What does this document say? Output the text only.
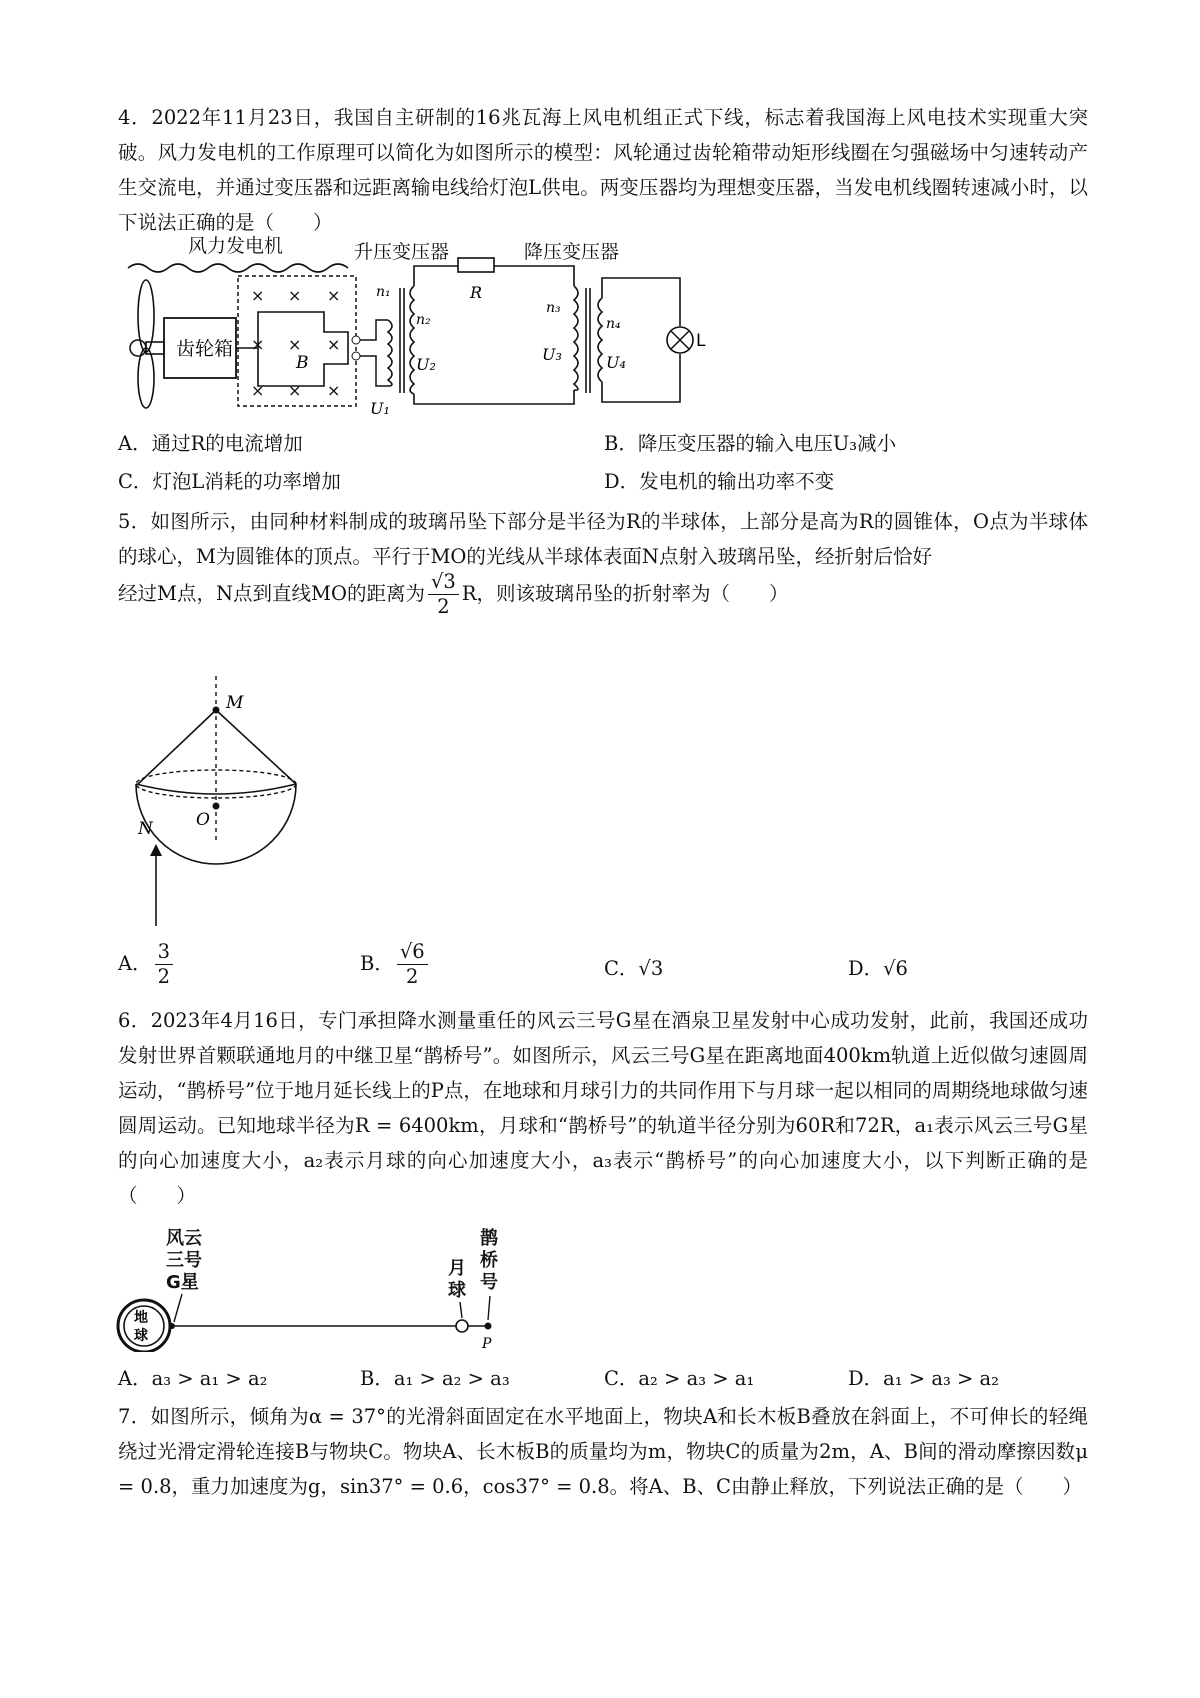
4．2022年11月23日，我国自主研制的16兆瓦海上风电机组正式下线，标志着我国海上风电技术实现重大突破。风力发电机的工作原理可以简化为如图所示的模型：风轮通过齿轮箱带动矩形线圈在匀强磁场中匀速转动产生交流电，并通过变压器和远距离输电线给灯泡L供电。两变压器均为理想变压器，当发电机线圈转速减小时，以下说法正确的是（　　）
风力发电机	升压变压器	降压变压器
齿轮箱
× × ×
× × ×
× × ×
B
n₁
n₂
U₂
U₁
R
n₃
U₃
n₄
U₄
L
A．通过R的电流增加	B．降压变压器的输入电压U₃减小
C．灯泡L消耗的功率增加	D．发电机的输出功率不变
5．如图所示，由同种材料制成的玻璃吊坠下部分是半径为R的半球体，上部分是高为R的圆锥体，O点为半球体的球心，M为圆锥体的顶点。平行于MO的光线从半球体表面N点射入玻璃吊坠，经折射后恰好
经过M点，N点到直线MO的距离为 $\frac{√3}{2}$ R，则该玻璃吊坠的折射率为（　　）
M
O
N
A． $\frac{3}{2}$	B． $\frac{√6}{2}$	C．√3	D．√6
6．2023年4月16日，专门承担降水测量重任的风云三号G星在酒泉卫星发射中心成功发射，此前，我国还成功发射世界首颗联通地月的中继卫星“鹊桥号”。如图所示，风云三号G星在距离地面400km轨道上近似做匀速圆周运动，“鹊桥号”位于地月延长线上的P点，在地球和月球引力的共同作用下与月球一起以相同的周期绕地球做匀速圆周运动。已知地球半径为R = 6400km，月球和“鹊桥号”的轨道半径分别为60R和72R，a₁表示风云三号G星的向心加速度大小，a₂表示月球的向心加速度大小，a₃表示“鹊桥号”的向心加速度大小，以下判断正确的是（　　）
风云
三号
G星
月
球
鹊
桥
号
地
球	P
A．a₃ > a₁ > a₂	B．a₁ > a₂ > a₃	C．a₂ > a₃ > a₁	D．a₁ > a₃ > a₂
7．如图所示，倾角为α = 37°的光滑斜面固定在水平地面上，物块A和长木板B叠放在斜面上，不可伸长的轻绳绕过光滑定滑轮连接B与物块C。物块A、长木板B的质量均为m，物块C的质量为2m，A、B间的滑动摩擦因数μ = 0.8，重力加速度为g，sin37° = 0.6，cos37° = 0.8。将A、B、C由静止释放，下列说法正确的是（　　）
